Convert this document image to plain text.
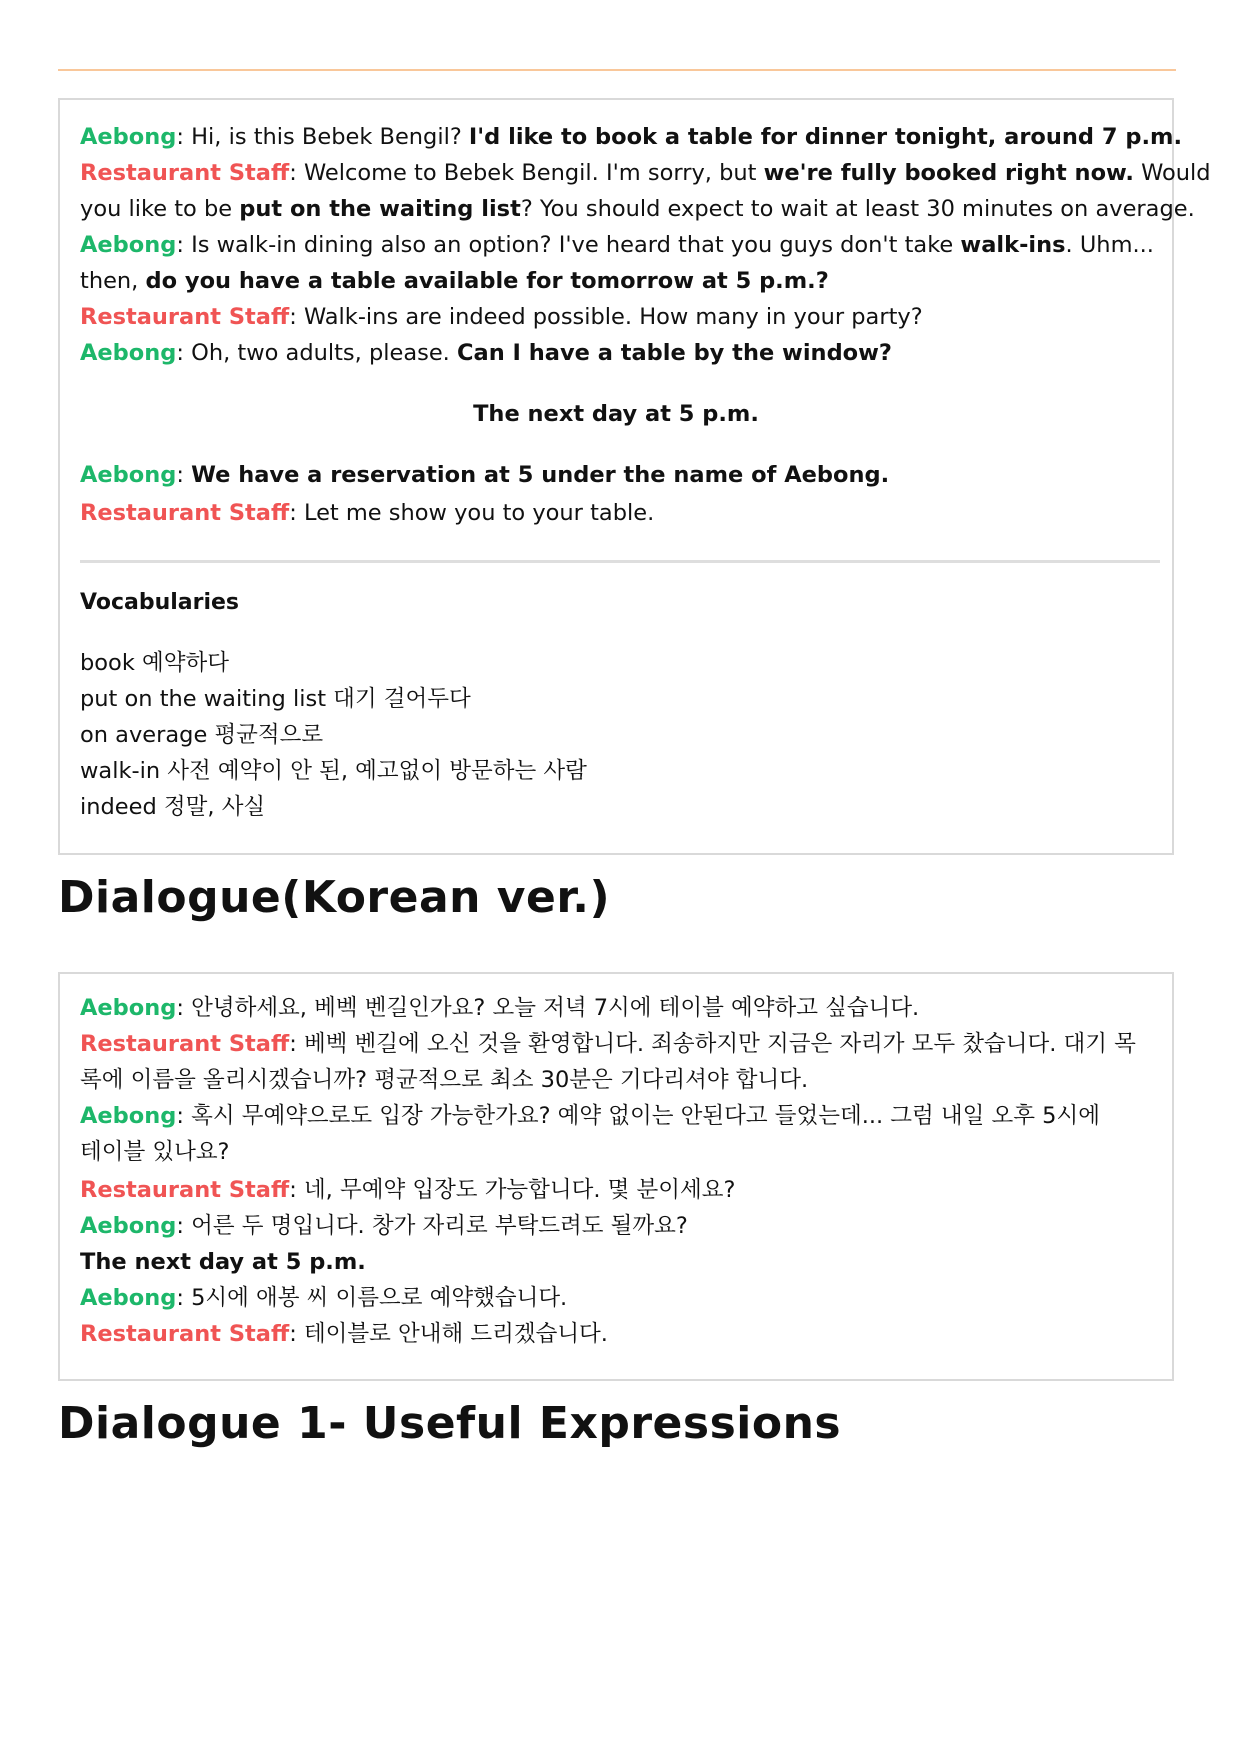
Aebong: Hi, is this Bebek Bengil? I'd like to book a table for dinner tonight, around 7 p.m.
Restaurant Staff: Welcome to Bebek Bengil. I'm sorry, but we're fully booked right now. Would
you like to be put on the waiting list? You should expect to wait at least 30 minutes on average.
Aebong: Is walk-in dining also an option? I've heard that you guys don't take walk-ins. Uhm...
then, do you have a table available for tomorrow at 5 p.m.?
Restaurant Staff: Walk-ins are indeed possible. How many in your party?
Aebong: Oh, two adults, please. Can I have a table by the window?
The next day at 5 p.m.
Aebong: We have a reservation at 5 under the name of Aebong.
Restaurant Staff: Let me show you to your table.
Vocabularies
book 예약하다
put on the waiting list 대기 걸어두다
on average 평균적으로
walk-in 사전 예약이 안 된, 예고없이 방문하는 사람
indeed 정말, 사실
Dialogue(Korean ver.)
Aebong: 안녕하세요, 베벡 벤길인가요? 오늘 저녁 7시에 테이블 예약하고 싶습니다.
Restaurant Staff: 베벡 벤길에 오신 것을 환영합니다. 죄송하지만 지금은 자리가 모두 찼습니다. 대기 목
록에 이름을 올리시겠습니까? 평균적으로 최소 30분은 기다리셔야 합니다.
Aebong: 혹시 무예약으로도 입장 가능한가요? 예약 없이는 안된다고 들었는데... 그럼 내일 오후 5시에
테이블 있나요?
Restaurant Staff: 네, 무예약 입장도 가능합니다. 몇 분이세요?
Aebong: 어른 두 명입니다. 창가 자리로 부탁드려도 될까요?
The next day at 5 p.m.
Aebong: 5시에 애봉 씨 이름으로 예약했습니다.
Restaurant Staff: 테이블로 안내해 드리겠습니다.
Dialogue 1- Useful Expressions
